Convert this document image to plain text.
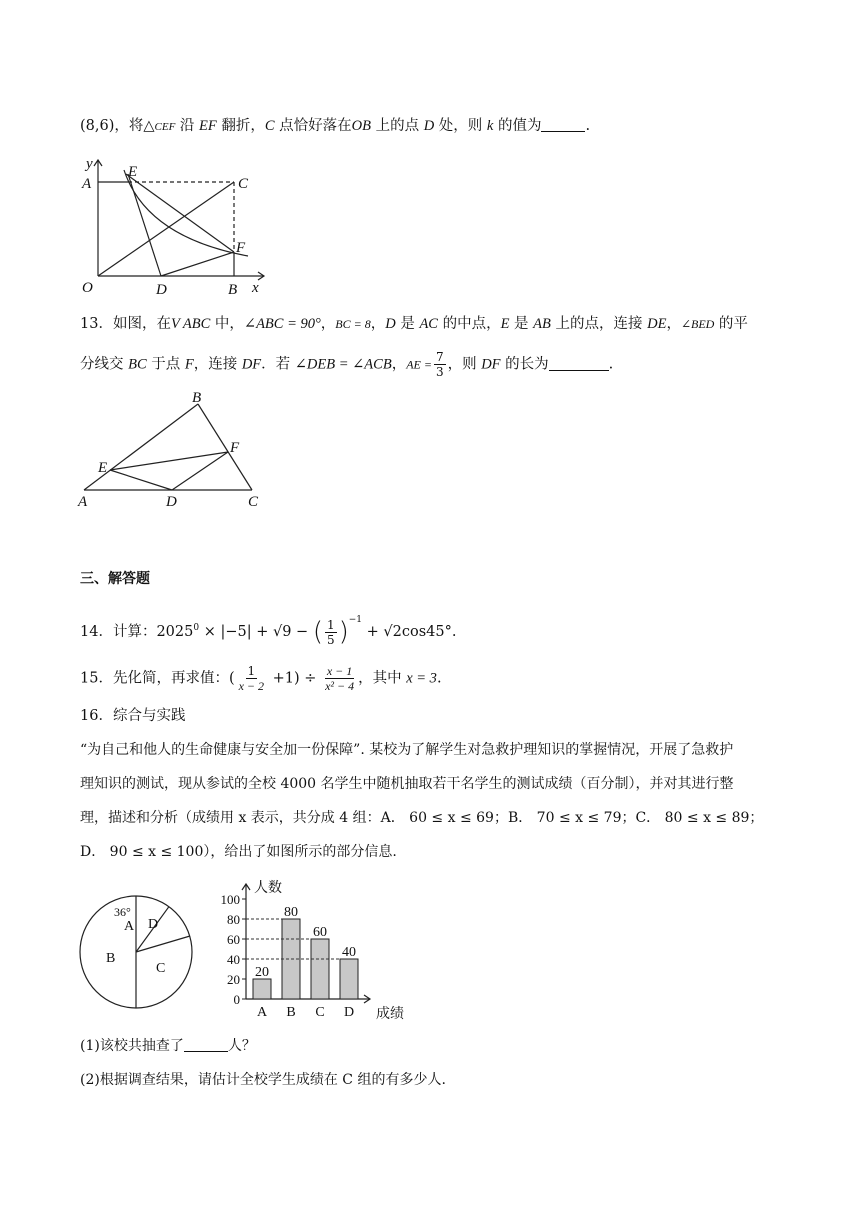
(8,6)，将△CEF 沿 EF 翻折，C 点恰好落在OB 上的点 D 处，则 k 的值为	.
y
A
E
C
F
O	D	B x
13．如图，在V ABC 中，∠ABC = 90°，BC = 8，D 是 AC 的中点，E 是 AB 上的点，连接 DE，∠BED 的平
分线交 BC 于点 F，连接 DF．若 ∠DEB = ∠ACB，AE = $\frac{7}{3}$ ，则 DF 的长为	.
B
F
E
A	D	C
三、解答题
14．计算：$2025^0 \times |-5| + √9$ − ( $\frac{1}{5} )^{-1} + √2\cos 45^\circ$.
15．先化简，再求值：( $\frac{1}{x - 2} +1) \div \frac{x - 1}{\text{x² − 4}}$ ，其中 x = 3.
16．综合与实践
“为自己和他人的生命健康与安全加一份保障”. 某校为了解学生对急救护理知识的掌握情况，开展了急救护
理知识的测试，现从参试的全校 4000 名学生中随机抽取若干名学生的测试成绩（百分制），并对其进行整
理，描述和分析（成绩用 x 表示，共分成 4 组：A． 60 ≤ x ≤ 69；B． 70 ≤ x ≤ 79；C． 80 ≤ x ≤ 89；
D． 90 ≤ x ≤ 100），给出了如图所示的部分信息.
36°
A D
C
B
0
20
40
60
80
100
20
A
80
B
60
C
40
D
人数
成绩
(1)该校共抽查了	人？
(2)根据调查结果，请估计全校学生成绩在 C 组的有多少人.
